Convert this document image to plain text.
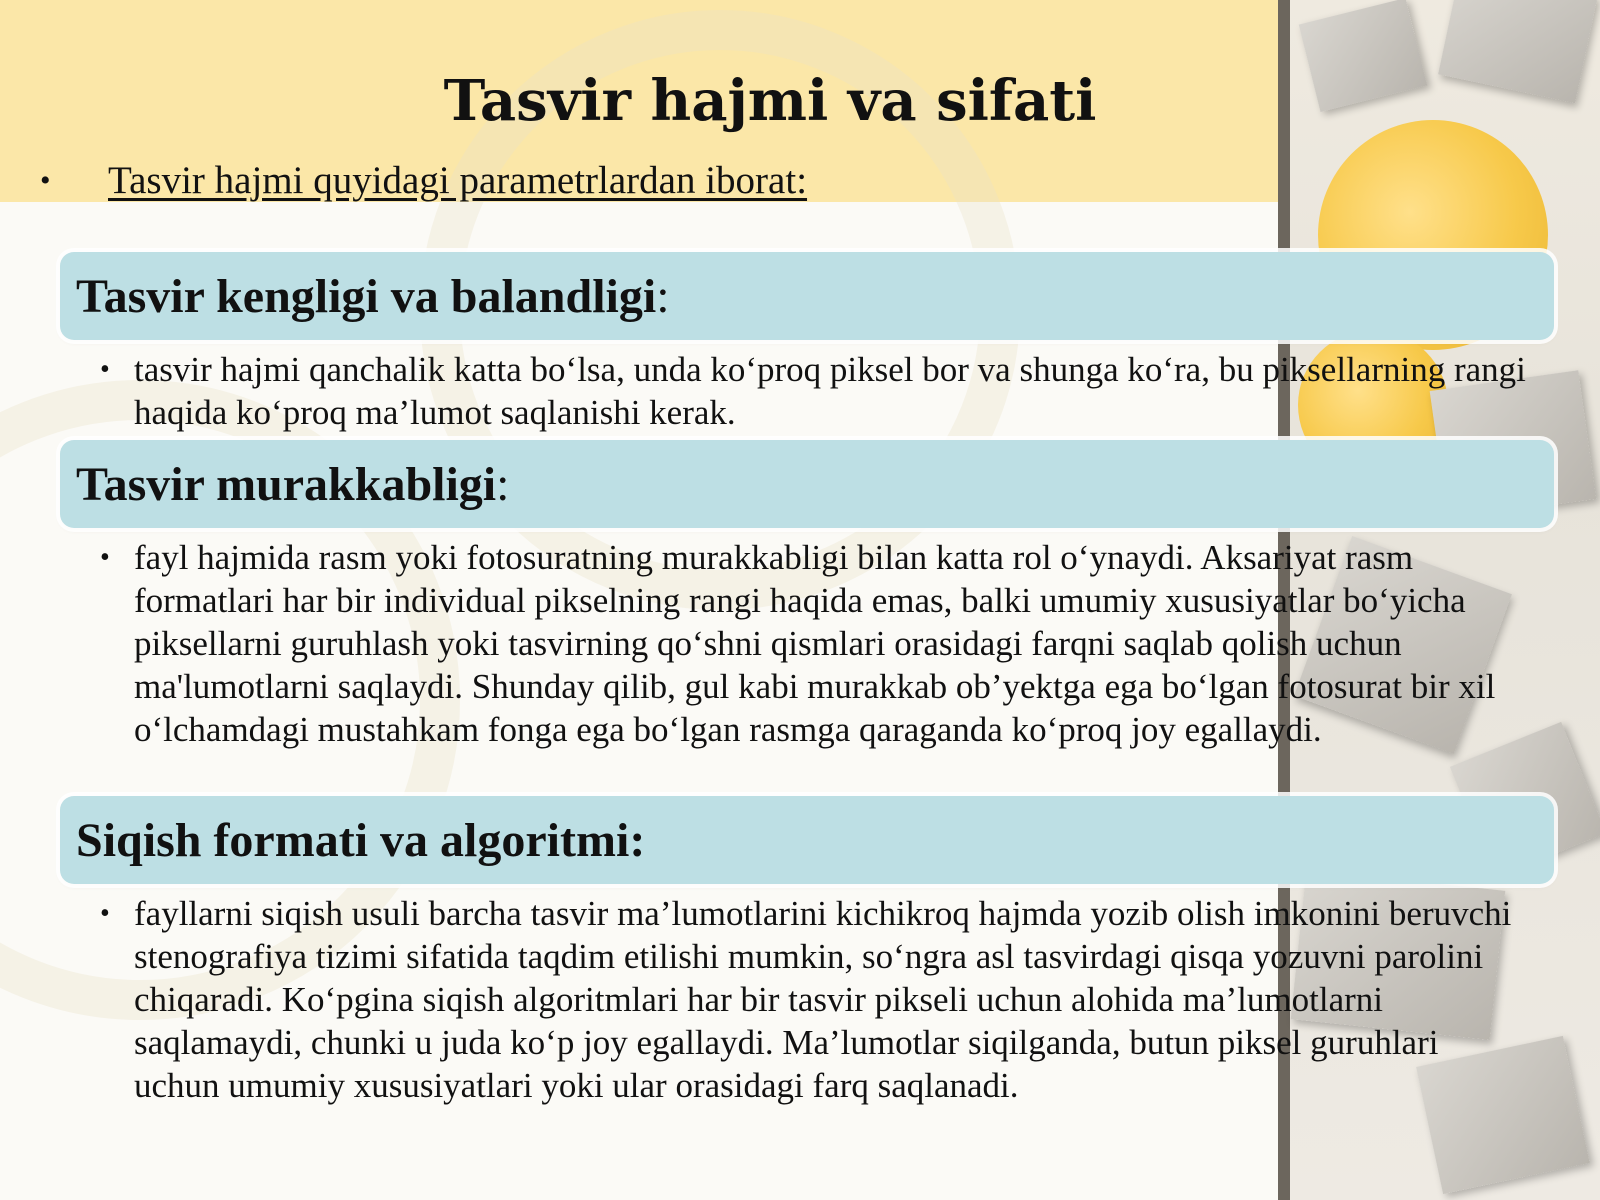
Tasvir hajmi va sifati
•	Tasvir hajmi quyidagi parametrlardan iborat:
Tasvir kengligi va balandligi:
• tasvir hajmi qanchalik katta bo‘lsa, unda ko‘proq piksel bor va shunga ko‘ra, bu piksellarning rangi haqida ko‘proq ma’lumot saqlanishi kerak.

Tasvir murakkabligi:
• fayl hajmida rasm yoki fotosuratning murakkabligi bilan katta rol o‘ynaydi. Aksariyat rasm formatlari har bir individual pikselning rangi haqida emas, balki umumiy xususiyatlar bo‘yicha piksellarni guruhlash yoki tasvirning qo‘shni qismlari orasidagi farqni saqlab qolish uchun ma'lumotlarni saqlaydi. Shunday qilib, gul kabi murakkab ob’yektga ega bo‘lgan fotosurat bir xil o‘lchamdagi mustahkam fonga ega bo‘lgan rasmga qaraganda ko‘proq joy egallaydi.

Siqish formati va algoritmi:
• fayllarni siqish usuli barcha tasvir ma’lumotlarini kichikroq hajmda yozib olish imkonini beruvchi stenografiya tizimi sifatida taqdim etilishi mumkin, so‘ngra asl tasvirdagi qisqa yozuvni parolini chiqaradi. Ko‘pgina siqish algoritmlari har bir tasvir pikseli uchun alohida ma’lumotlarni saqlamaydi, chunki u juda ko‘p joy egallaydi. Ma’lumotlar siqilganda, butun piksel guruhlari uchun umumiy xususiyatlari yoki ular orasidagi farq saqlanadi.
